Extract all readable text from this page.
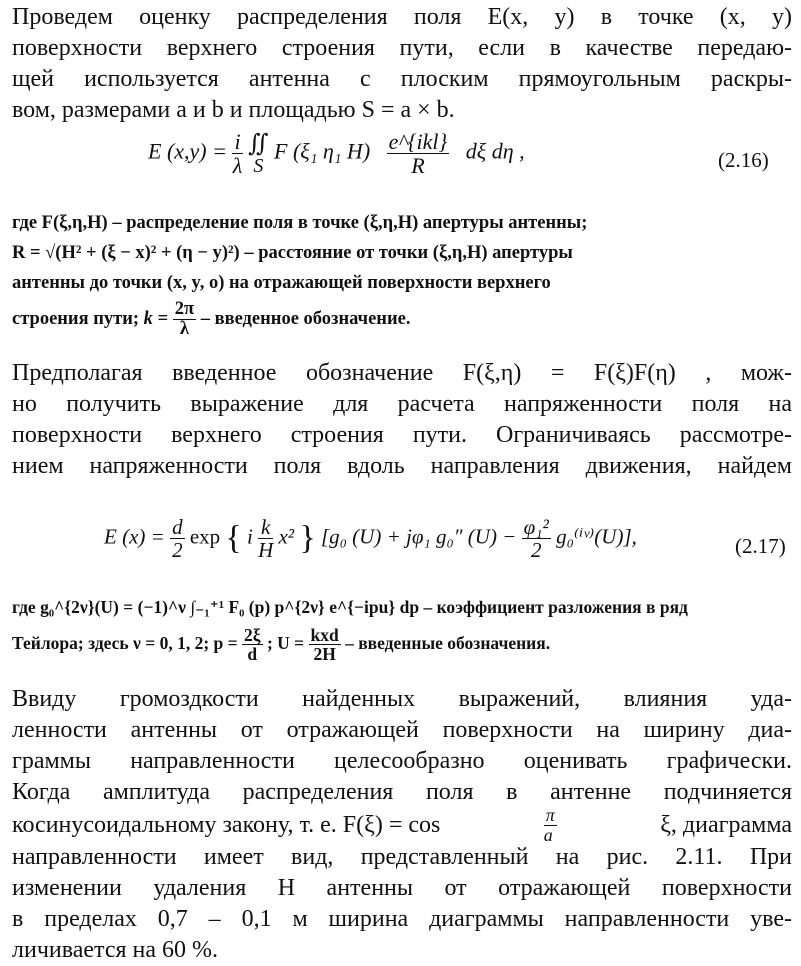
Проведем оценку распределения поля E(x, y) в точке (x, y)
поверхности верхнего строения пути, если в качестве передаю-
щей используется антенна с плоским прямоугольным раскры-
вом, размерами a и b и площадью S = a × b.
E $(x,y) = \frac{i}{\lambda}$
∬
S
F (ξ₁ η₁ $H) \frac{\text{e\textasciicircum{}\{ikl\}}}{R}$ dξ dη ,	(2.16)
где F(ξ,η,H) – распределение поля в точке (ξ,η,H) апертуры антенны;
R = √(H² + (ξ − x)² + (η − y)²) – расстояние от точки (ξ,η,H) апертуры
антенны до точки (x, y, o) на отражающей поверхности верхнего
строения пути; $k = \frac{2\pi}{\lambda}$ – введенное обозначение.
Предполагая введенное обозначение F(ξ,η) = F(ξ)F(η) , мож-
но получить выражение для расчета напряженности поля на
поверхности верхнего строения пути. Ограничиваясь рассмотре-
нием напряженности поля вдоль направления движения, найдем
E $(x) = \frac{d}{2}$ exp { i $\frac{k}{H} x^2$ } [g₀ (U) + jφ₁ g₀″ $(U) - \frac{\text{φ₁²}}{2}$ g₀⁽ⁱᵛ⁾(U)],	(2.17)
где g₀^{2ν}(U) = (−1)^ν ∫₋₁⁺¹ F₀ (p) p^{2ν} e^{−ipu} dp – коэффициент разложения в ряд
Тейлора; здесь ν = 0, 1, 2; $p = \frac{2\xi}{d}$ ; $U = \frac{\text{kxd}}{2H}$ – введенные обозначения.
Ввиду громоздкости найденных выражений, влияния уда-
ленности антенны от отражающей поверхности на ширину диа-
граммы направленности целесообразно оценивать графически.
Когда амплитуда распределения поля в антенне подчиняется
косинусоидальному закону, т. е. F(ξ) = cos	$\frac{\pi}{a}$	ξ, диаграмма
направленности имеет вид, представленный на рис. 2.11. При
изменении удаления H антенны от отражающей поверхности
в пределах 0,7 – 0,1 м ширина диаграммы направленности уве-
личивается на 60 %.
